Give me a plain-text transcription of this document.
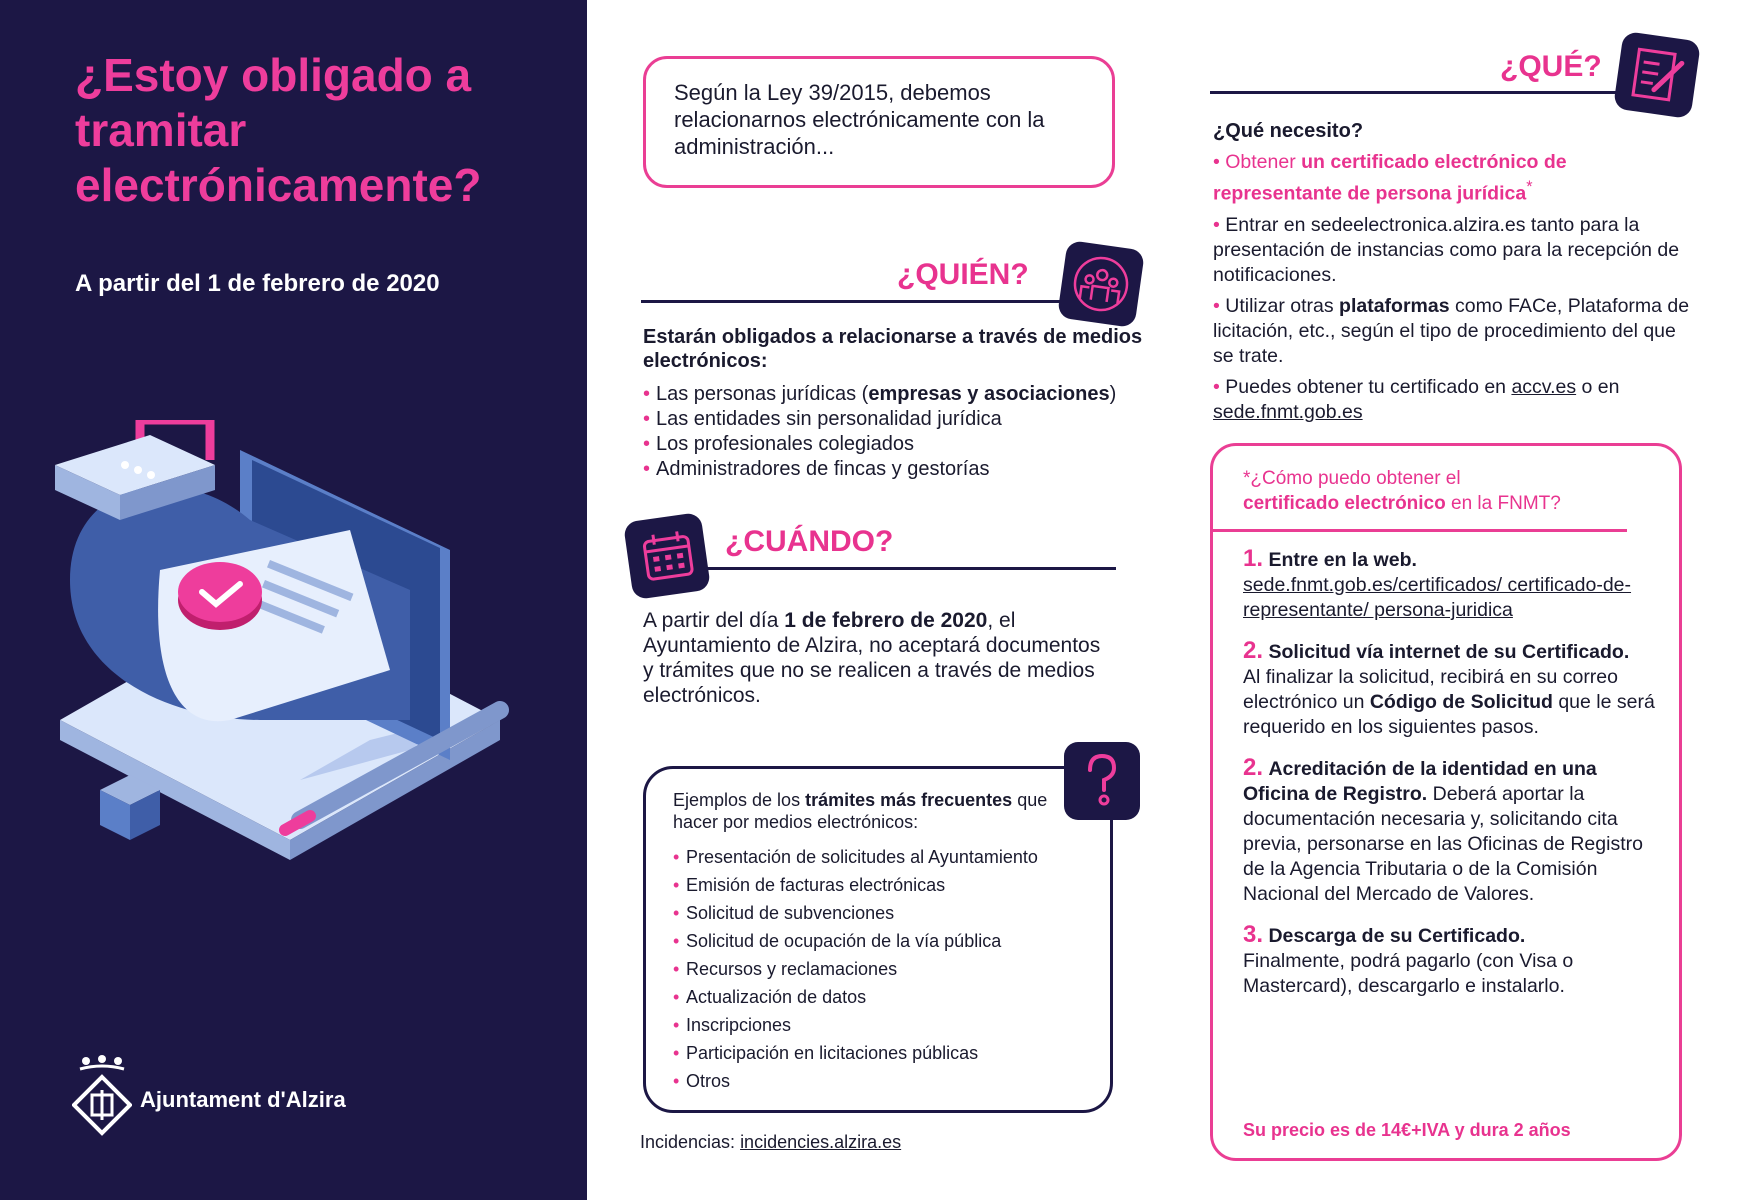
¿Estoy obligado a tramitar electrónicamente?
A partir del 1 de febrero de 2020
Ajuntament d'Alzira
Según la Ley 39/2015, debemos relacionarnos electrónicamente con la administración...
¿QUIÉN?
Estarán obligados a relacionarse a través de medios electrónicos:
• Las personas jurídicas (empresas y asociaciones)
• Las entidades sin personalidad jurídica
• Los profesionales colegiados
• Administradores de fincas y gestorías
¿CUÁNDO?
A partir del día 1 de febrero de 2020, el Ayuntamiento de Alzira, no aceptará documentos y trámites que no se realicen a través de medios electrónicos.
Ejemplos de los trámites más frecuentes que hacer por medios electrónicos:
• Presentación de solicitudes al Ayuntamiento
• Emisión de facturas electrónicas
• Solicitud de subvenciones
• Solicitud de ocupación de la vía pública
• Recursos y reclamaciones
• Actualización de datos
• Inscripciones
• Participación en licitaciones públicas
• Otros
Incidencias: incidencies.alzira.es
¿QUÉ?
¿Qué necesito?
• Obtener un certificado electrónico de representante de persona jurídica*
• Entrar en sedeelectronica.alzira.es tanto para la presentación de instancias como para la recepción de notificaciones.
• Utilizar otras plataformas como FACe, Plataforma de licitación, etc., según el tipo de procedimiento del que se trate.
• Puedes obtener tu certificado en accv.es o en sede.fnmt.gob.es
*¿Cómo puedo obtener el
certificado electrónico en la FNMT?
1. Entre en la web.
sede.fnmt.gob.es/certificados/ certificado-de-representante/ persona-juridica
2. Solicitud vía internet de su Certificado.
Al finalizar la solicitud, recibirá en su correo electrónico un Código de Solicitud que le será requerido en los siguientes pasos.
2. Acreditación de la identidad en una Oficina de Registro. Deberá aportar la documentación necesaria y, solicitando cita previa, personarse en las Oficinas de Registro de la Agencia Tributaria o de la Comisión Nacional del Mercado de Valores.
3. Descarga de su Certificado.
Finalmente, podrá pagarlo (con Visa o Mastercard), descargarlo e instalarlo.
Su precio es de 14€+IVA y dura 2 años
